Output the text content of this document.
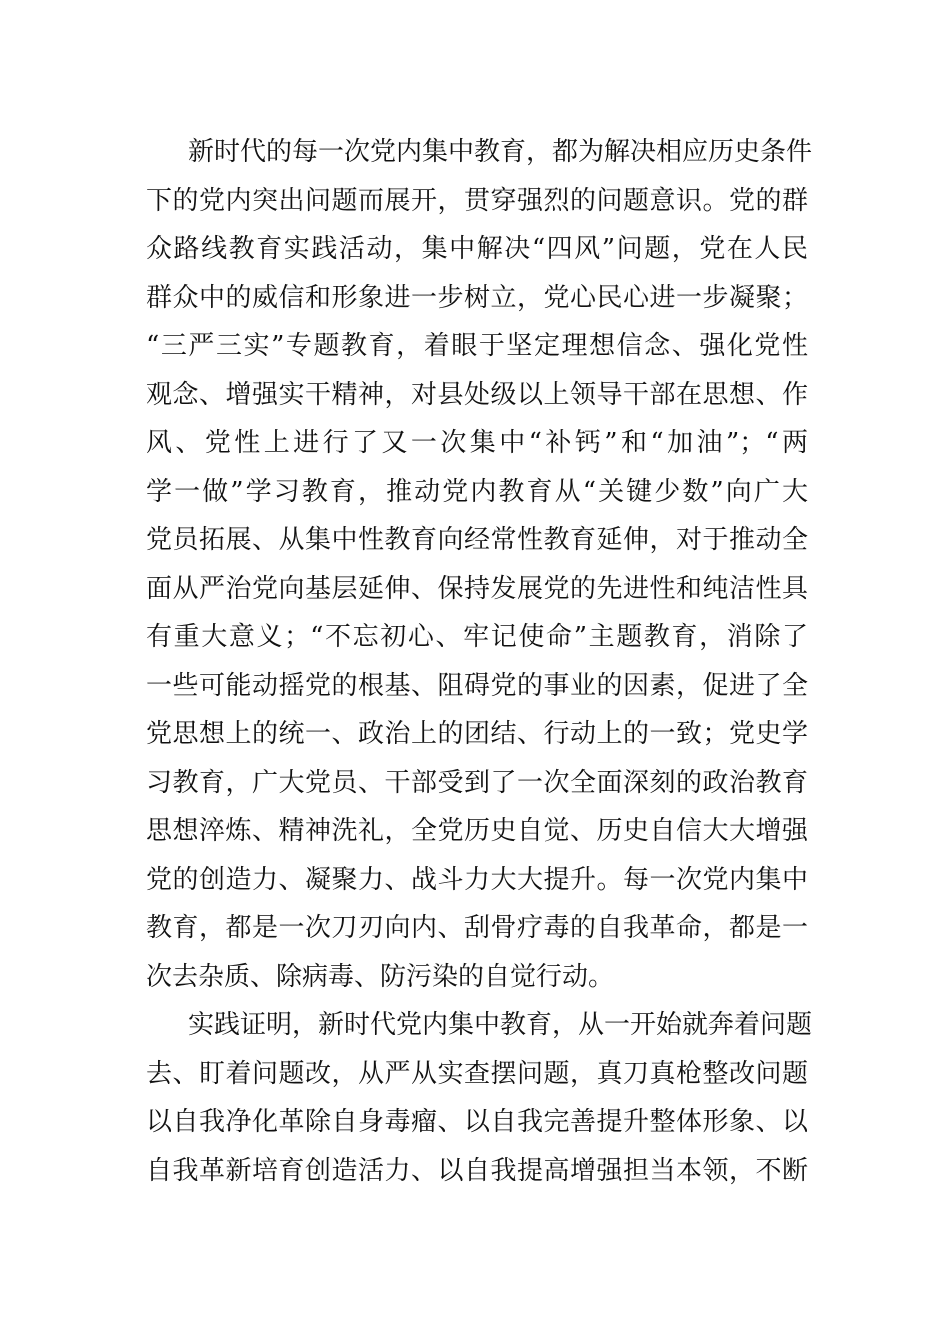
新时代的每一次党内集中教育，都为解决相应历史条件
下的党内突出问题而展开，贯穿强烈的问题意识。党的群
众路线教育实践活动，集中解决“四风”问题，党在人民
群众中的威信和形象进一步树立，党心民心进一步凝聚；
“三严三实”专题教育，着眼于坚定理想信念、强化党性
观念、增强实干精神，对县处级以上领导干部在思想、作
风、党性上进行了又一次集中“补钙”和“加油”；“两
学一做”学习教育，推动党内教育从“关键少数”向广大
党员拓展、从集中性教育向经常性教育延伸，对于推动全
面从严治党向基层延伸、保持发展党的先进性和纯洁性具
有重大意义；“不忘初心、牢记使命”主题教育，消除了
一些可能动摇党的根基、阻碍党的事业的因素，促进了全
党思想上的统一、政治上的团结、行动上的一致；党史学
习教育，广大党员、干部受到了一次全面深刻的政治教育
思想淬炼、精神洗礼，全党历史自觉、历史自信大大增强
党的创造力、凝聚力、战斗力大大提升。每一次党内集中
教育，都是一次刀刃向内、刮骨疗毒的自我革命，都是一
次去杂质、除病毒、防污染的自觉行动。
实践证明，新时代党内集中教育，从一开始就奔着问题
去、盯着问题改，从严从实查摆问题，真刀真枪整改问题
以自我净化革除自身毒瘤、以自我完善提升整体形象、以
自我革新培育创造活力、以自我提高增强担当本领，不断
